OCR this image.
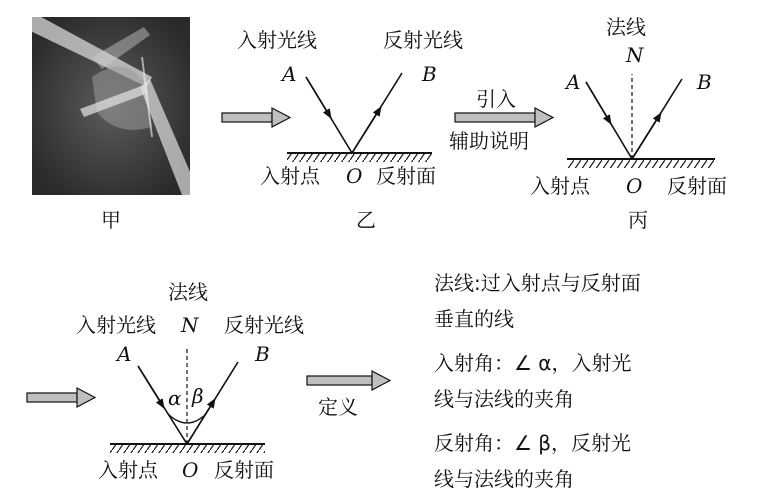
甲
入射光线	反射光线
A	B
入射点 O 反射面
乙
引入
辅助说明
法线
N
A	B
入射点 O 反射面
丙
法线
入射光线 N 反射光线
A	B
α β
入射点 O 反射面
定义
法线:过入射点与反射面
垂直的线
入射角：∠ α，入射光
线与法线的夹角
反射角：∠ β，反射光
线与法线的夹角
